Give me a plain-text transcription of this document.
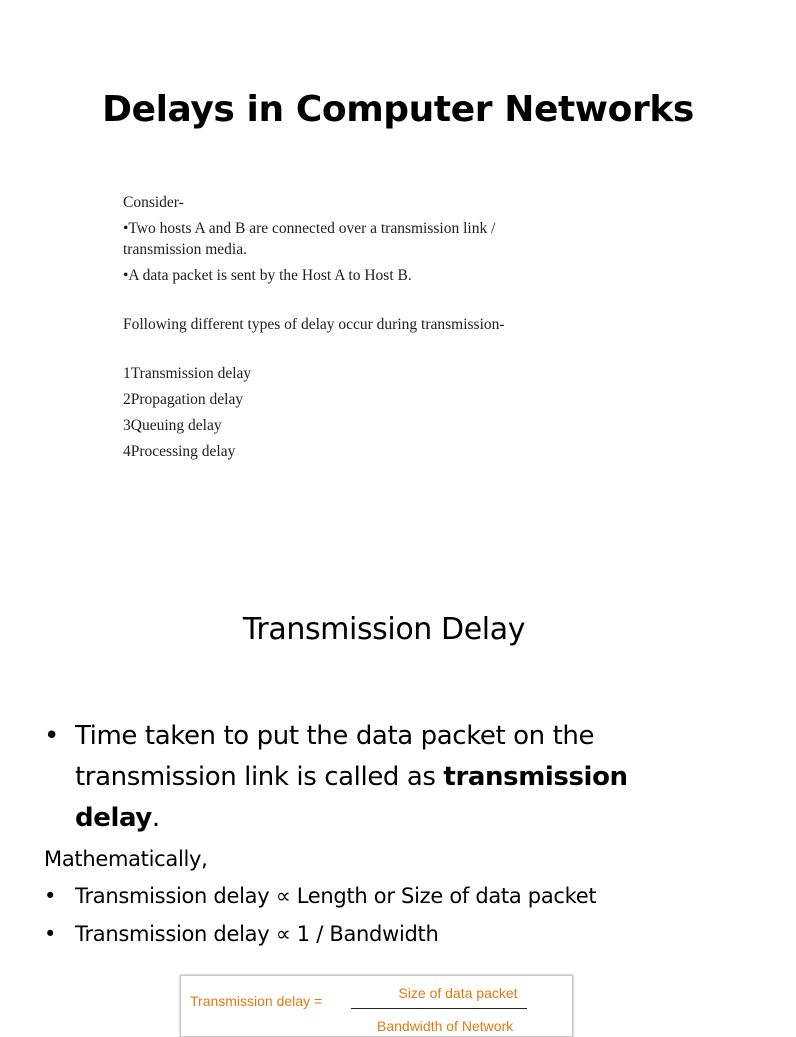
Delays in Computer Networks
Consider-
•Two hosts A and B are connected over a transmission link /
transmission media.
•A data packet is sent by the Host A to Host B.
Following different types of delay occur during transmission-
1Transmission delay
2Propagation delay
3Queuing delay
4Processing delay
Transmission Delay
• Time taken to put the data packet on the
transmission link is called as transmission
delay.
Mathematically,
• Transmission delay ∝ Length or Size of data packet
• Transmission delay ∝ 1 / Bandwidth
Transmission delay =	Size of data packet
Bandwidth of Network
